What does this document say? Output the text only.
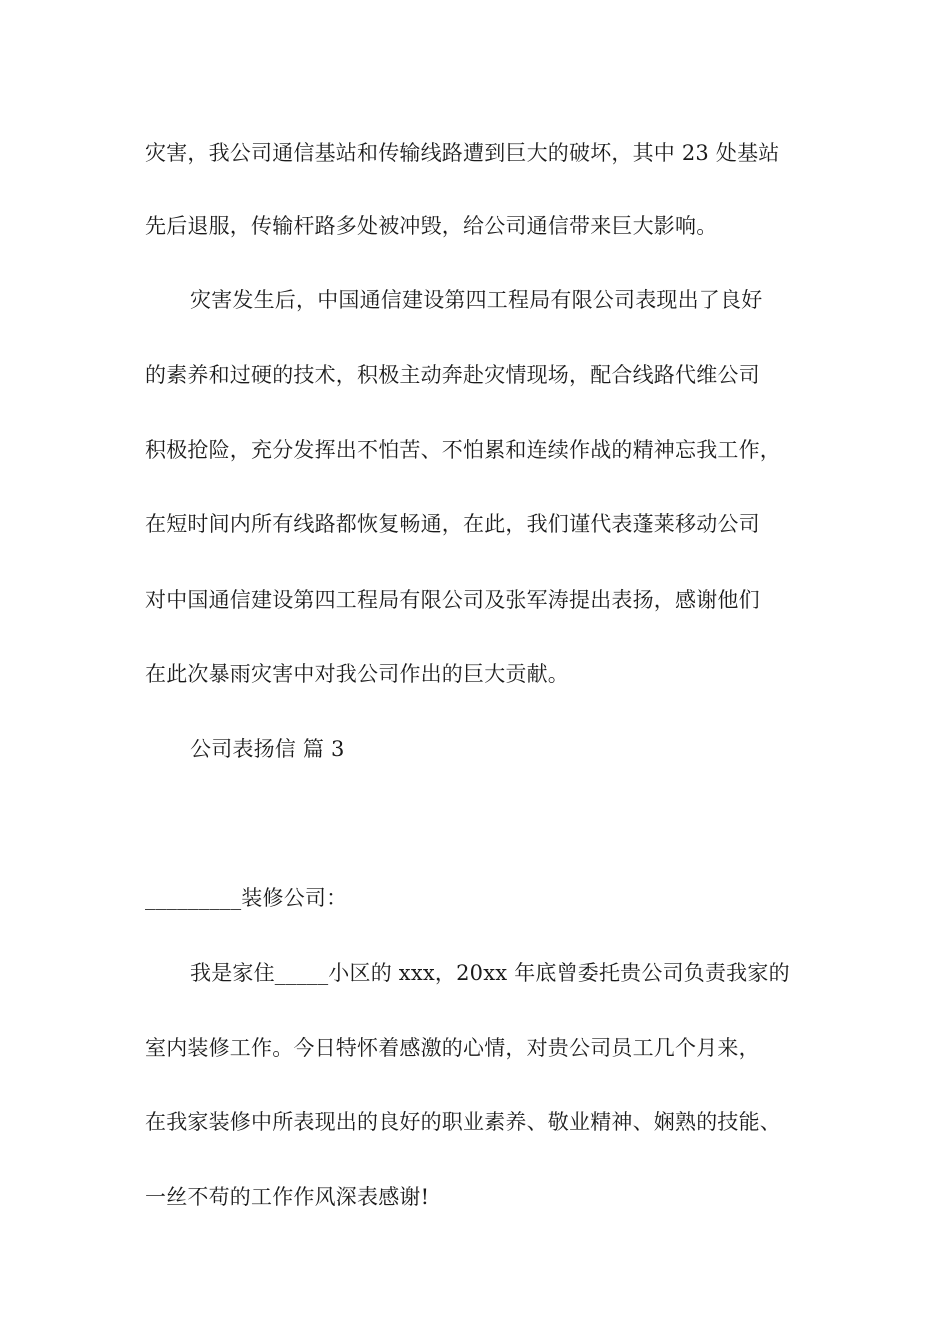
灾害，我公司通信基站和传输线路遭到巨大的破坏，其中 23 处基站
先后退服，传输杆路多处被冲毁，给公司通信带来巨大影响。
灾害发生后，中国通信建设第四工程局有限公司表现出了良好
的素养和过硬的技术，积极主动奔赴灾情现场，配合线路代维公司
积极抢险，充分发挥出不怕苦、不怕累和连续作战的精神忘我工作，
在短时间内所有线路都恢复畅通，在此，我们谨代表蓬莱移动公司
对中国通信建设第四工程局有限公司及张军涛提出表扬，感谢他们
在此次暴雨灾害中对我公司作出的巨大贡献。
公司表扬信 篇 3
_________装修公司：
我是家住_____小区的 xxx，20xx 年底曾委托贵公司负责我家的
室内装修工作。今日特怀着感激的心情，对贵公司员工几个月来，
在我家装修中所表现出的良好的职业素养、敬业精神、娴熟的技能、
一丝不苟的工作作风深表感谢!
